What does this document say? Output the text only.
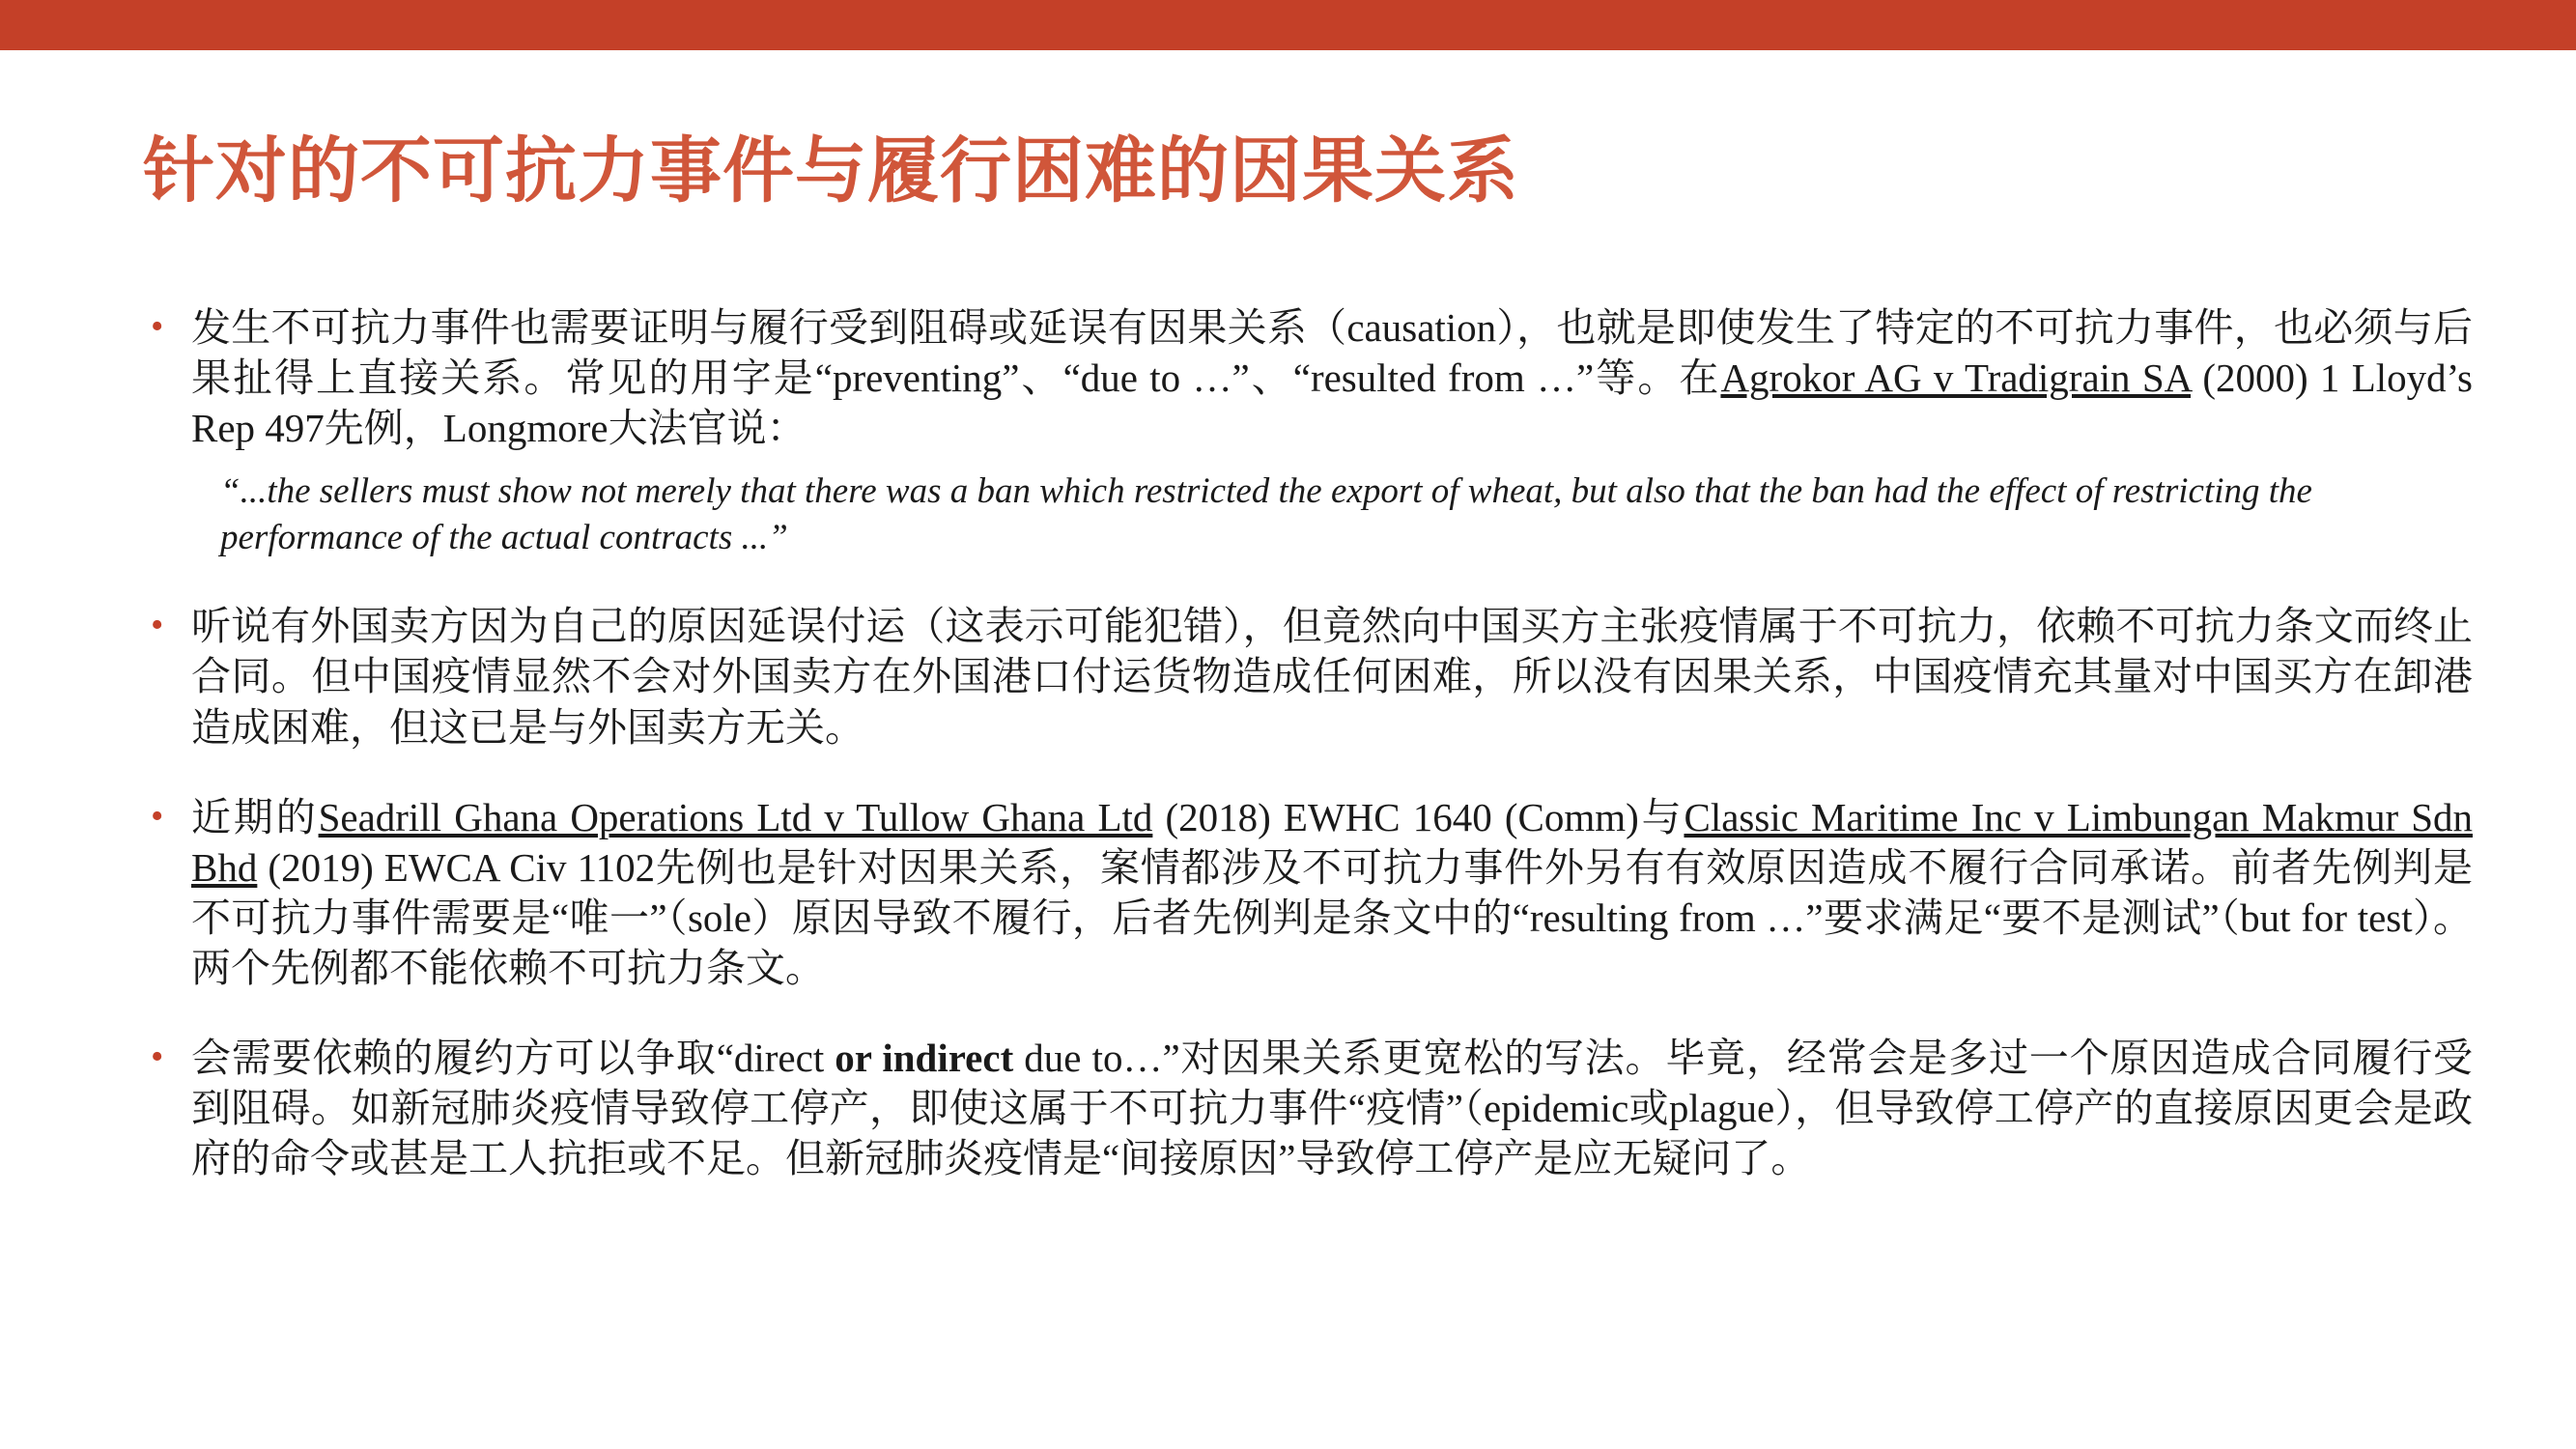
针对的不可抗力事件与履行困难的因果关系

• 发生不可抗力事件也需要证明与履行受到阻碍或延误有因果关系（causation），也就是即使发生了特定的不可抗力事件，也必须与后果扯得上直接关系。常见的用字是“preventing”、“due to …”、“resulted from …”等。在Agrokor AG v Tradigrain SA (2000) 1 Lloyd’s Rep 497先例，Longmore大法官说：

“...the sellers must show not merely that there was a ban which restricted the export of wheat, but also that the ban had the effect of restricting the performance of the actual contracts ...”

• 听说有外国卖方因为自己的原因延误付运（这表示可能犯错），但竟然向中国买方主张疫情属于不可抗力，依赖不可抗力条文而终止合同。但中国疫情显然不会对外国卖方在外国港口付运货物造成任何困难，所以没有因果关系，中国疫情充其量对中国买方在卸港造成困难，但这已是与外国卖方无关。

• 近期的Seadrill Ghana Operations Ltd v Tullow Ghana Ltd (2018) EWHC 1640 (Comm)与Classic Maritime Inc v Limbungan Makmur Sdn Bhd (2019) EWCA Civ 1102先例也是针对因果关系，案情都涉及不可抗力事件外另有有效原因造成不履行合同承诺。前者先例判是不可抗力事件需要是“唯一”（sole）原因导致不履行，后者先例判是条文中的“resulting from …”要求满足“要不是测试”（but for test）。两个先例都不能依赖不可抗力条文。

• 会需要依赖的履约方可以争取“direct or indirect due to…”对因果关系更宽松的写法。毕竟，经常会是多过一个原因造成合同履行受到阻碍。如新冠肺炎疫情导致停工停产，即使这属于不可抗力事件“疫情”（epidemic或plague），但导致停工停产的直接原因更会是政府的命令或甚是工人抗拒或不足。但新冠肺炎疫情是“间接原因”导致停工停产是应无疑问了。
